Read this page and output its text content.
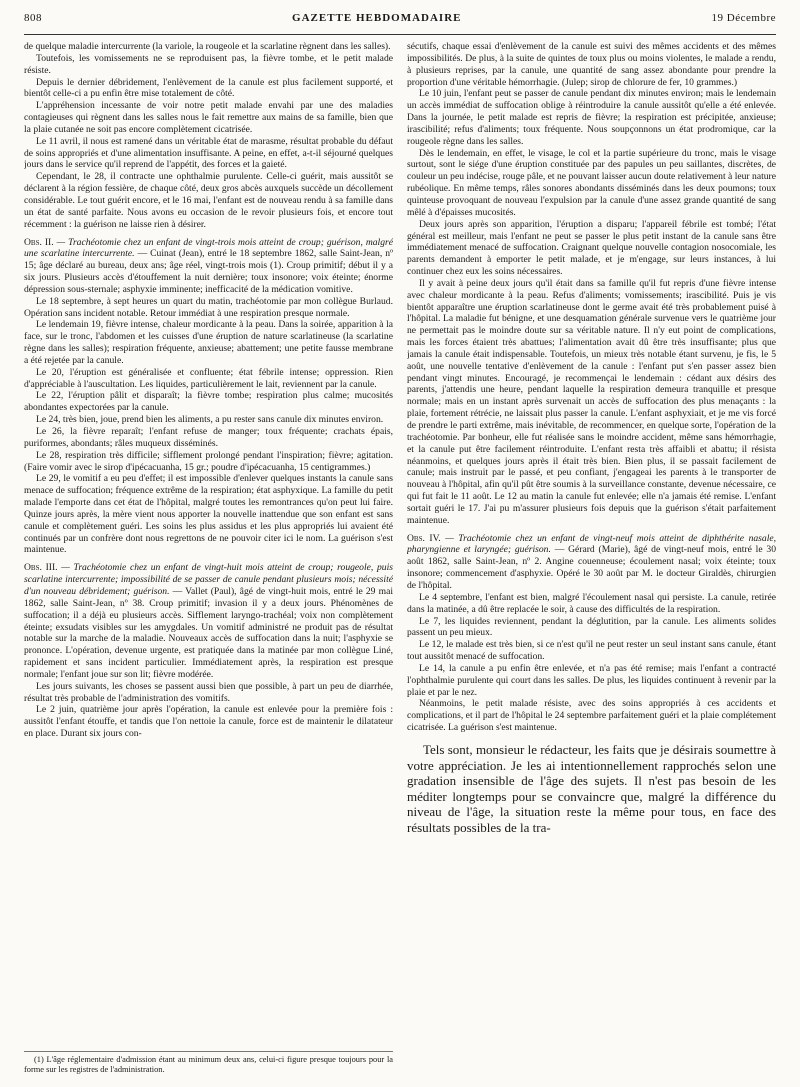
808	GAZETTE HEBDOMADAIRE	19 Décembre

de quelque maladie intercurrente (la variole, la rougeole et la scarlatine règnent dans les salles).

Toutefois, les vomissements ne se reproduisent pas, la fièvre tombe, et le petit malade résiste.

Depuis le dernier débridement, l'enlèvement de la canule est plus facilement supporté, et bientôt celle-ci a pu enfin être mise totalement de côté.

L'appréhension incessante de voir notre petit malade envahi par une des maladies contagieuses qui règnent dans les salles nous le fait remettre aux mains de sa famille, bien que la plaie cutanée ne soit pas encore complètement cicatrisée.

Le 11 avril, il nous est ramené dans un véritable état de marasme, résultat probable du défaut de soins appropriés et d'une alimentation insuffisante. A peine, en effet, a-t-il séjourné quelques jours dans le service qu'il reprend de l'appétit, des forces et la gaieté.

Cependant, le 28, il contracte une ophthalmie purulente. Celle-ci guérit, mais aussitôt se déclarent à la région fessière, de chaque côté, deux gros abcès auxquels succède un décollement considérable. Le tout guérit encore, et le 16 mai, l'enfant est de nouveau rendu à sa famille dans un état de santé parfaite. Nous avons eu occasion de le revoir plusieurs fois, et encore tout récemment : la guérison ne laisse rien à désirer.

Obs. II. — Trachéotomie chez un enfant de vingt-trois mois atteint de croup; guérison, malgré une scarlatine intercurrente. — Cuinat (Jean), entré le 18 septembre 1862, salle Saint-Jean, nº 15; âge déclaré au bureau, deux ans; âge réel, vingt-trois mois (1). Croup primitif; début il y a six jours. Plusieurs accès d'étouffement la nuit dernière; toux insonore; voix éteinte; énorme dépression sous-sternale; asphyxie imminente; inefficacité de la médication vomitive.

Le 18 septembre, à sept heures un quart du matin, trachéotomie par mon collègue Burlaud. Opération sans incident notable. Retour immédiat à une respiration presque normale.

Le lendemain 19, fièvre intense, chaleur mordicante à la peau. Dans la soirée, apparition à la face, sur le tronc, l'abdomen et les cuisses d'une éruption de nature scarlatineuse (la scarlatine règne dans les salles); respiration fréquente, anxieuse; abattement; une petite fausse membrane a été rejetée par la canule.

Le 20, l'éruption est généralisée et confluente; état fébrile intense; oppression. Rien d'appréciable à l'auscultation. Les liquides, particulièrement le lait, reviennent par la canule.

Le 22, l'éruption pâlit et disparaît; la fièvre tombe; respiration plus calme; mucosités abondantes expectorées par la canule.

Le 24, très bien, joue, prend bien les aliments, a pu rester sans canule dix minutes environ.

Le 26, la fièvre reparaît; l'enfant refuse de manger; toux fréquente; crachats épais, puriformes, abondants; râles muqueux disséminés.

Le 28, respiration très difficile; sifflement prolongé pendant l'inspiration; fièvre; agitation. (Faire vomir avec le sirop d'ipécacuanha, 15 gr.; poudre d'ipécacuanha, 15 centigrammes.)

Le 29, le vomitif a eu peu d'effet; il est impossible d'enlever quelques instants la canule sans menace de suffocation; fréquence extrême de la respiration; état asphyxique. La famille du petit malade l'emporte dans cet état de l'hôpital, malgré toutes les remontrances qu'on peut lui faire. Quinze jours après, la mère vient nous apporter la nouvelle inattendue que son enfant est sans canule et complètement guéri. Les soins les plus assidus et les plus appropriés lui avaient été continués par un confrère dont nous regrettons de ne pouvoir citer ici le nom. La guérison s'est maintenue.

Obs. III. — Trachéotomie chez un enfant de vingt-huit mois atteint de croup; rougeole, puis scarlatine intercurrente; impossibilité de se passer de canule pendant plusieurs mois; nécessité d'un nouveau débridement; guérison. — Vallet (Paul), âgé de vingt-huit mois, entré le 29 mai 1862, salle Saint-Jean, nº 38. Croup primitif; invasion il y a deux jours. Phénomènes de suffocation; il a déjà eu plusieurs accès. Sifflement laryngo-trachéal; voix non complètement éteinte; exsudats visibles sur les amygdales. Un vomitif administré ne produit pas de résultat notable sur la marche de la maladie. Nouveaux accès de suffocation dans la nuit; l'asphyxie se prononce. L'opération, devenue urgente, est pratiquée dans la matinée par mon collègue Liné, rapidement et sans incident particulier. Immédiatement après, la respiration est presque normale; l'enfant joue sur son lit; fièvre modérée.

Les jours suivants, les choses se passent aussi bien que possible, à part un peu de diarrhée, résultat très probable de l'administration des vomitifs.

Le 2 juin, quatrième jour après l'opération, la canule est enlevée pour la première fois : aussitôt l'enfant étouffe, et tandis que l'on nettoie la canule, force est de maintenir le dilatateur en place. Durant six jours con-

(1) L'âge réglementaire d'admission étant au minimum deux ans, celui-ci figure presque toujours pour la forme sur les registres de l'administration.

sécutifs, chaque essai d'enlèvement de la canule est suivi des mêmes accidents et des mêmes impossibilités. De plus, à la suite de quintes de toux plus ou moins violentes, le malade a rendu, à plusieurs reprises, par la canule, une quantité de sang assez abondante pour prendre la proportion d'une véritable hémorrhagie. (Julep; sirop de chlorure de fer, 10 grammes.)

Le 10 juin, l'enfant peut se passer de canule pendant dix minutes environ; mais le lendemain un accès immédiat de suffocation oblige à réintroduire la canule aussitôt qu'elle a été enlevée. Dans la journée, le petit malade est repris de fièvre; la respiration est précipitée, anxieuse; irascibilité; refus d'aliments; toux fréquente. Nous soupçonnons un état prodromique, car la rougeole règne dans les salles.

Dès le lendemain, en effet, le visage, le col et la partie supérieure du tronc, mais le visage surtout, sont le siége d'une éruption constituée par des papules un peu saillantes, discrètes, de couleur un peu indécise, rouge pâle, et ne pouvant laisser aucun doute relativement à leur nature rubéolique. En même temps, râles sonores abondants disséminés dans les deux poumons; toux quinteuse provoquant de nouveau l'expulsion par la canule d'une assez grande quantité de sang mêlé à d'épaisses mucosités.

Deux jours après son apparition, l'éruption a disparu; l'appareil fébrile est tombé; l'état général est meilleur, mais l'enfant ne peut se passer le plus petit instant de la canule sans être immédiatement menacé de suffocation. Craignant quelque nouvelle contagion nosocomiale, les parents demandent à emporter le petit malade, et je m'engage, sur leurs instances, à lui continuer chez eux les soins nécessaires.

Il y avait à peine deux jours qu'il était dans sa famille qu'il fut repris d'une fièvre intense avec chaleur mordicante à la peau. Refus d'aliments; vomissements; irascibilité. Puis je vis bientôt apparaître une éruption scarlatineuse dont le germe avait été très probablement puisé à l'hôpital. La maladie fut bénigne, et une desquamation générale survenue vers le quatrième jour ne permettait pas le moindre doute sur sa véritable nature. Il n'y eut point de complications, mais les forces étaient très abattues; l'alimentation avait dû être très insuffisante; plus que jamais la canule était indispensable. Toutefois, un mieux très notable étant survenu, je fis, le 5 août, une nouvelle tentative d'enlèvement de la canule : l'enfant put s'en passer assez bien pendant vingt minutes. Encouragé, je recommençai le lendemain : cédant aux désirs des parents, j'attendis une heure, pendant laquelle la respiration demeura tranquille et presque normale; mais en un instant après survenait un accès de suffocation des plus menaçants : la plaie, fortement rétrécie, ne laissait plus passer la canule. L'enfant asphyxiait, et je me vis forcé de prendre le parti extrême, mais inévitable, de recommencer, en quelque sorte, l'opération de la trachéotomie. Par bonheur, elle fut réalisée sans le moindre accident, même sans hémorrhagie, et la canule put être facilement réintroduite. L'enfant resta très affaibli et abattu; il résista néanmoins, et quelques jours après il était très bien. Bien plus, il se passait facilement de canule; mais instruit par le passé, et peu confiant, j'engageai les parents à le transporter de nouveau à l'hôpital, afin qu'il pût être soumis à la surveillance constante, devenue nécessaire, ce qui fut fait le 11 août. Le 12 au matin la canule fut enlevée; elle n'a jamais été remise. L'enfant sortait guéri le 17. J'ai pu m'assurer plusieurs fois depuis que la guérison s'était parfaitement maintenue.

Obs. IV. — Trachéotomie chez un enfant de vingt-neuf mois atteint de diphthérite nasale, pharyngienne et laryngée; guérison. — Gérard (Marie), âgé de vingt-neuf mois, entré le 30 août 1862, salle Saint-Jean, nº 2. Angine couenneuse; écoulement nasal; voix éteinte; toux insonore; commencement d'asphyxie. Opéré le 30 août par M. le docteur Giraldès, chirurgien de l'hôpital.

Le 4 septembre, l'enfant est bien, malgré l'écoulement nasal qui persiste. La canule, retirée dans la matinée, a dû être replacée le soir, à cause des difficultés de la respiration.

Le 7, les liquides reviennent, pendant la déglutition, par la canule. Les aliments solides passent un peu mieux.

Le 12, le malade est très bien, si ce n'est qu'il ne peut rester un seul instant sans canule, étant tout aussitôt menacé de suffocation.

Le 14, la canule a pu enfin être enlevée, et n'a pas été remise; mais l'enfant a contracté l'ophthalmie purulente qui court dans les salles. De plus, les liquides continuent à revenir par la plaie et par le nez.

Néanmoins, le petit malade résiste, avec des soins appropriés à ces accidents et complications, et il part de l'hôpital le 24 septembre parfaitement guéri et la plaie complétement cicatrisée. La guérison s'est maintenue.

Tels sont, monsieur le rédacteur, les faits que je désirais soumettre à votre appréciation. Je les ai intentionnellement rapprochés selon une gradation insensible de l'âge des sujets. Il n'est pas besoin de les méditer longtemps pour se convaincre que, malgré la différence du niveau de l'âge, la situation reste la même pour tous, en face des résultats possibles de la tra-
